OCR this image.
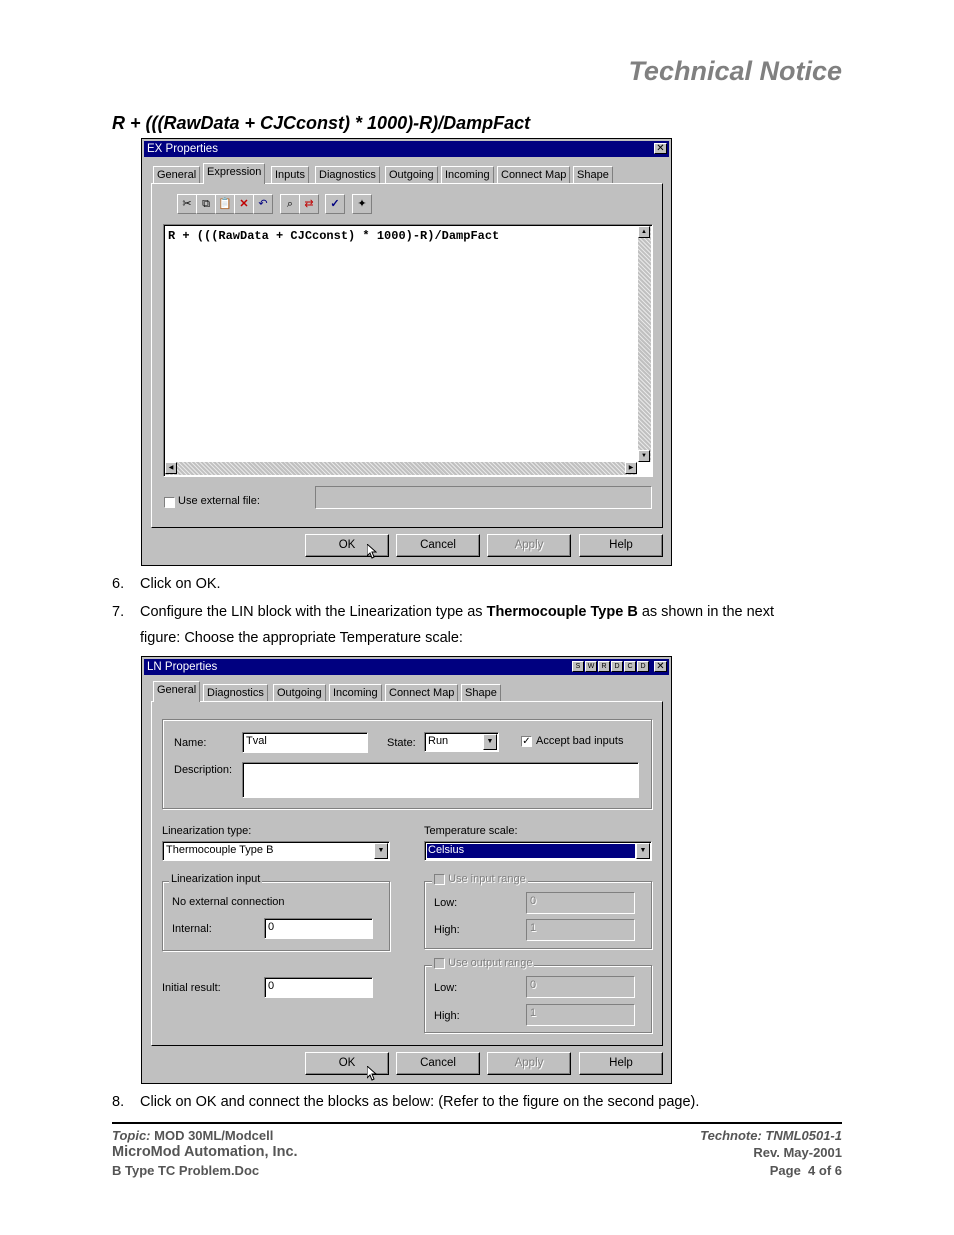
Technical Notice
R + (((RawData + CJCconst) * 1000)-R)/DampFact
EX Properties	✕
General Expression	Inputs	Diagnostics	Outgoing	Incoming	Connect Map Shape
✂ ⧉ 📋 ✕ ↶	⌕	⇄	✓	✦
R + (((RawData + CJCconst) * 1000)-R)/DampFact	▲
▼
◀	▶
Use external file:
OK	Cancel	Apply	Help
6. Click on OK.
7. Configure the LIN block with the Linearization type as Thermocouple Type B as shown in the next
figure: Choose the appropriate Temperature scale:
LN Properties	S	W	R	D	C	D	✕
General Diagnostics	Outgoing	Incoming	Connect Map Shape
Name:	Tval	State: Run	▼	✓ Accept bad inputs
Description:
Linearization type:
Thermocouple Type B	▼
Temperature scale:
Celsius	▼
Linearization input
No external connection
Internal:	0
Initial result:	0
Use input range
Low:	0
High:	1
Use output range
Low:	0
High:	1
OK	Cancel	Apply	Help
8. Click on OK and connect the blocks as below: (Refer to the figure on the second page).
Topic: MOD 30ML/Modcell
MicroMod Automation, Inc.
B Type TC Problem.Doc
Technote: TNML0501-1
Rev. May-2001
Page  4 of 6
